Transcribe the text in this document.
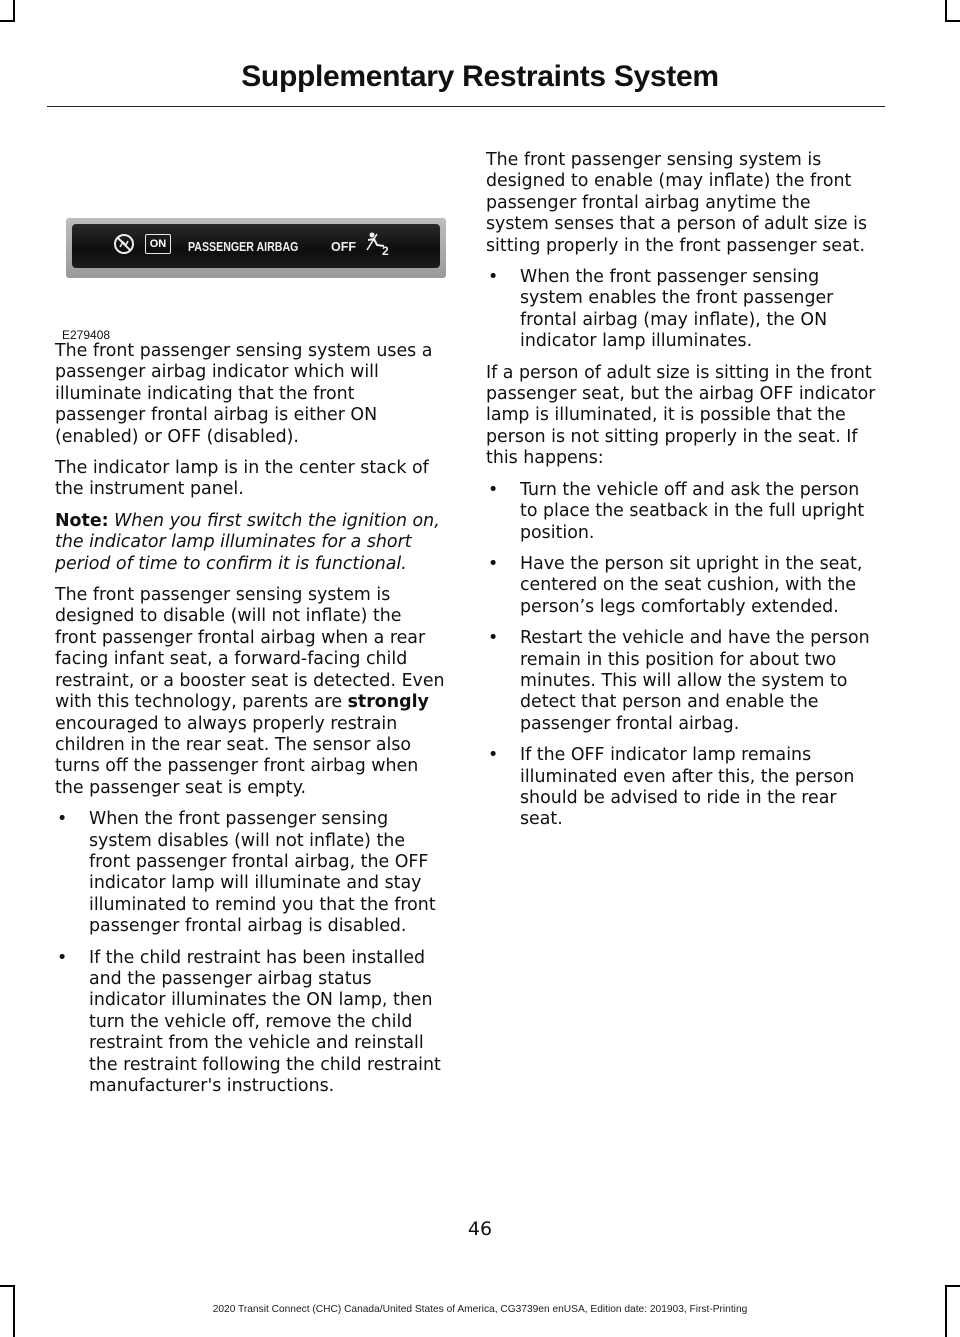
Supplementary Restraints System
ON	PASSENGER AIRBAG	OFF 2
E279408

The front passenger sensing system uses a passenger airbag indicator which will illuminate indicating that the front passenger frontal airbag is either ON (enabled) or OFF (disabled).

The indicator lamp is in the center stack of the instrument panel.

Note: When you first switch the ignition on, the indicator lamp illuminates for a short period of time to confirm it is functional.

The front passenger sensing system is designed to disable (will not inflate) the front passenger frontal airbag when a rear facing infant seat, a forward-facing child restraint, or a booster seat is detected. Even with this technology, parents are strongly encouraged to always properly restrain children in the rear seat. The sensor also turns off the passenger front airbag when the passenger seat is empty.

• When the front passenger sensing system disables (will not inflate) the front passenger frontal airbag, the OFF indicator lamp will illuminate and stay illuminated to remind you that the front passenger frontal airbag is disabled.
• If the child restraint has been installed and the passenger airbag status indicator illuminates the ON lamp, then turn the vehicle off, remove the child restraint from the vehicle and reinstall the restraint following the child restraint manufacturer's instructions.

The front passenger sensing system is designed to enable (may inflate) the front passenger frontal airbag anytime the system senses that a person of adult size is sitting properly in the front passenger seat.

• When the front passenger sensing system enables the front passenger frontal airbag (may inflate), the ON indicator lamp illuminates.

If a person of adult size is sitting in the front passenger seat, but the airbag OFF indicator lamp is illuminated, it is possible that the person is not sitting properly in the seat. If this happens:

• Turn the vehicle off and ask the person to place the seatback in the full upright position.
• Have the person sit upright in the seat, centered on the seat cushion, with the person’s legs comfortably extended.
• Restart the vehicle and have the person remain in this position for about two minutes. This will allow the system to detect that person and enable the passenger frontal airbag.
• If the OFF indicator lamp remains illuminated even after this, the person should be advised to ride in the rear seat.
46
2020 Transit Connect (CHC) Canada/United States of America, CG3739en enUSA, Edition date: 201903, First-Printing
